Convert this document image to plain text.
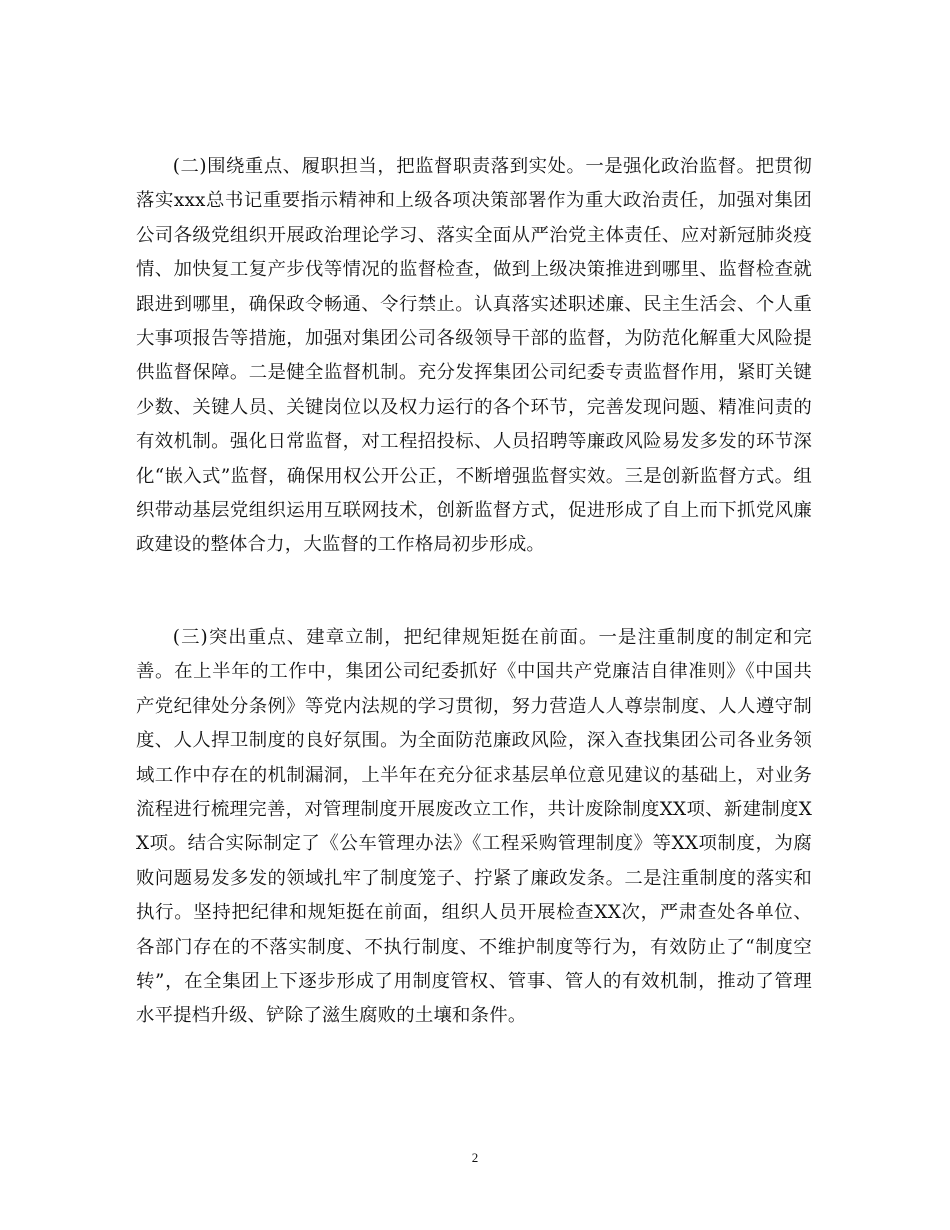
(二)围绕重点、履职担当，把监督职责落到实处。一是强化政治监督。把贯彻落实xxx总书记重要指示精神和上级各项决策部署作为重大政治责任，加强对集团公司各级党组织开展政治理论学习、落实全面从严治党主体责任、应对新冠肺炎疫情、加快复工复产步伐等情况的监督检查，做到上级决策推进到哪里、监督检查就跟进到哪里，确保政令畅通、令行禁止。认真落实述职述廉、民主生活会、个人重大事项报告等措施，加强对集团公司各级领导干部的监督，为防范化解重大风险提供监督保障。二是健全监督机制。充分发挥集团公司纪委专责监督作用，紧盯关键少数、关键人员、关键岗位以及权力运行的各个环节，完善发现问题、精准问责的有效机制。强化日常监督，对工程招投标、人员招聘等廉政风险易发多发的环节深化“嵌入式”监督，确保用权公开公正，不断增强监督实效。三是创新监督方式。组织带动基层党组织运用互联网技术，创新监督方式，促进形成了自上而下抓党风廉政建设的整体合力，大监督的工作格局初步形成。

(三)突出重点、建章立制，把纪律规矩挺在前面。一是注重制度的制定和完善。在上半年的工作中，集团公司纪委抓好《中国共产党廉洁自律准则》《中国共产党纪律处分条例》等党内法规的学习贯彻，努力营造人人尊崇制度、人人遵守制度、人人捍卫制度的良好氛围。为全面防范廉政风险，深入查找集团公司各业务领域工作中存在的机制漏洞，上半年在充分征求基层单位意见建议的基础上，对业务流程进行梳理完善，对管理制度开展废改立工作，共计废除制度XX项、新建制度XX项。结合实际制定了《公车管理办法》《工程采购管理制度》等XX项制度，为腐败问题易发多发的领域扎牢了制度笼子、拧紧了廉政发条。二是注重制度的落实和执行。坚持把纪律和规矩挺在前面，组织人员开展检查XX次，严肃查处各单位、各部门存在的不落实制度、不执行制度、不维护制度等行为，有效防止了“制度空转”，在全集团上下逐步形成了用制度管权、管事、管人的有效机制，推动了管理水平提档升级、铲除了滋生腐败的土壤和条件。

2
